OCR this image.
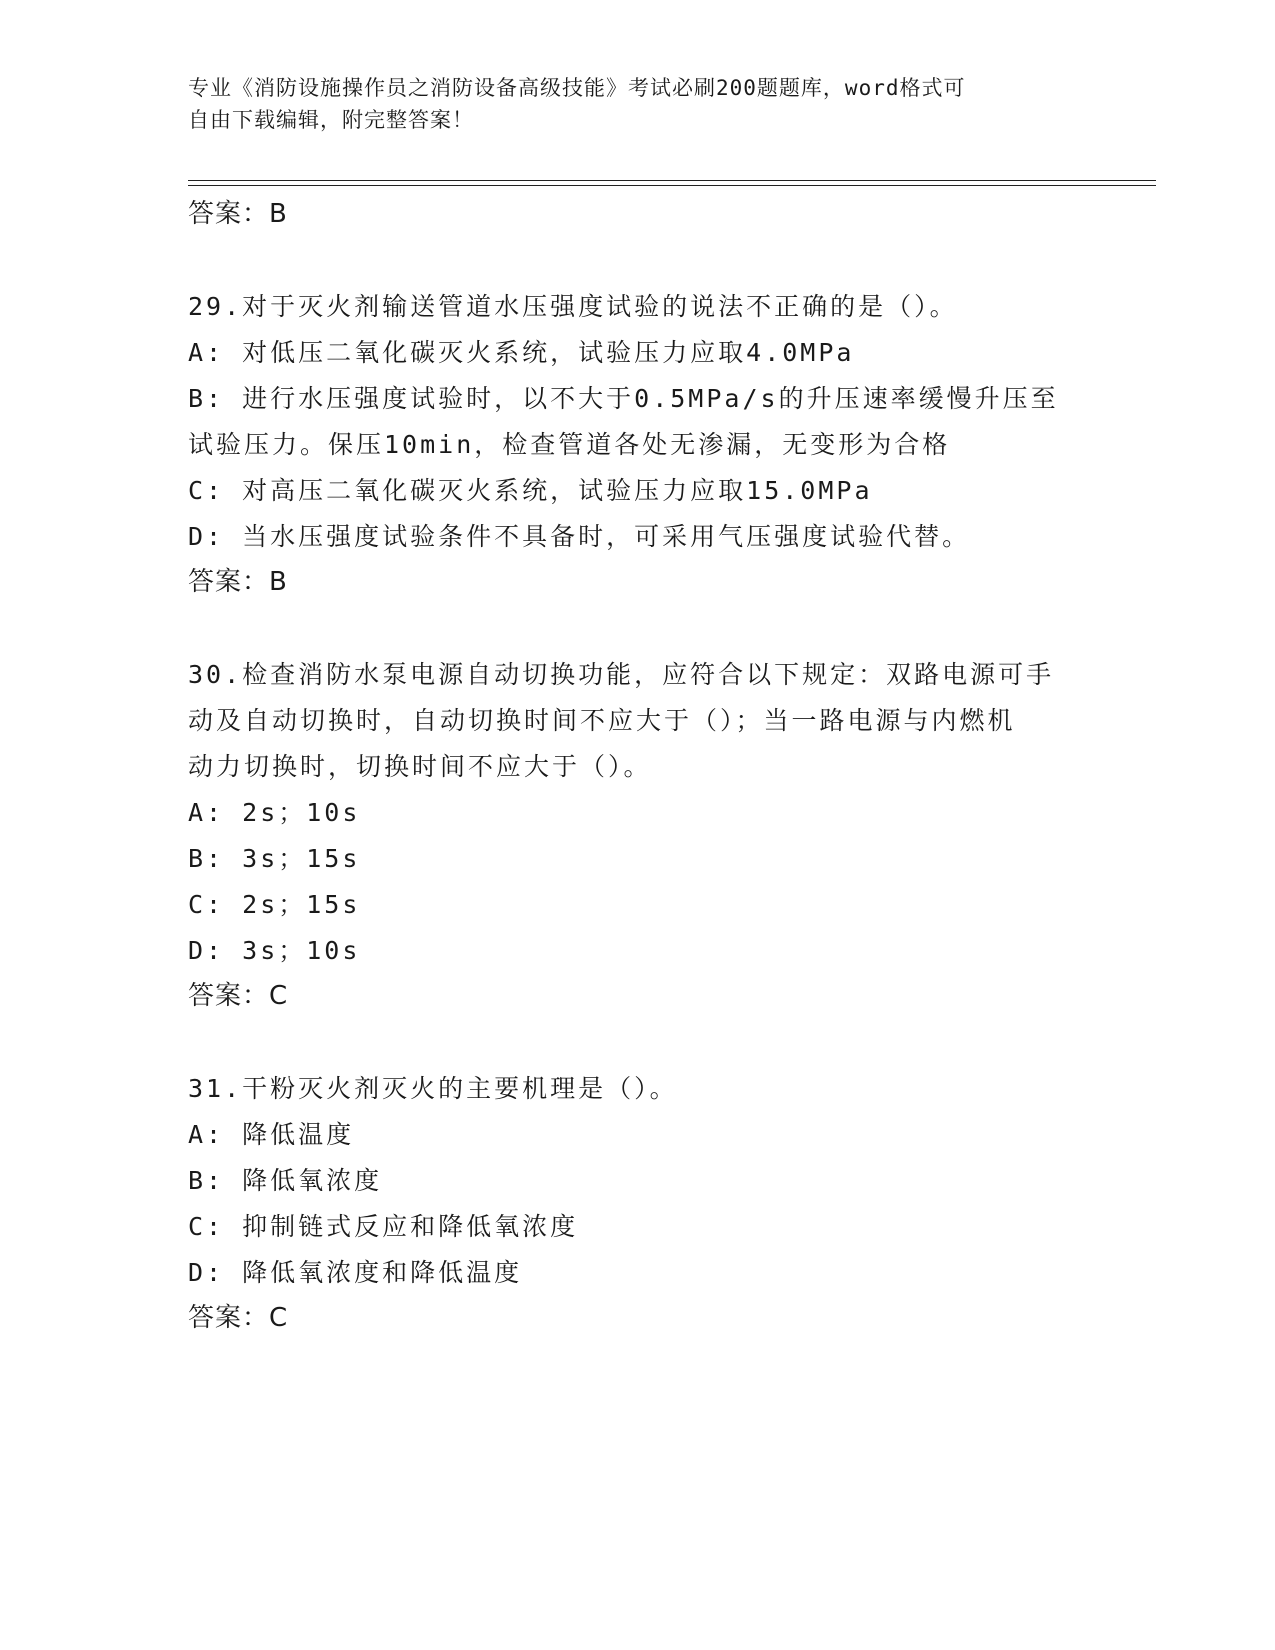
专业《消防设施操作员之消防设备高级技能》考试必刷200题题库，word格式可
自由下载编辑，附完整答案！
答案：B
29.对于灭火剂输送管道水压强度试验的说法不正确的是（）。
A: 对低压二氧化碳灭火系统，试验压力应取4.0MPa
B: 进行水压强度试验时，以不大于0.5MPa/s的升压速率缓慢升压至
试验压力。保压10min，检查管道各处无渗漏，无变形为合格
C: 对高压二氧化碳灭火系统，试验压力应取15.0MPa
D: 当水压强度试验条件不具备时，可采用气压强度试验代替。
答案：B
30.检查消防水泵电源自动切换功能，应符合以下规定：双路电源可手
动及自动切换时，自动切换时间不应大于（）；当一路电源与内燃机
动力切换时，切换时间不应大于（）。
A: 2s；10s
B: 3s；15s
C: 2s；15s
D: 3s；10s
答案：C
31.干粉灭火剂灭火的主要机理是（）。
A: 降低温度
B: 降低氧浓度
C: 抑制链式反应和降低氧浓度
D: 降低氧浓度和降低温度
答案：C
